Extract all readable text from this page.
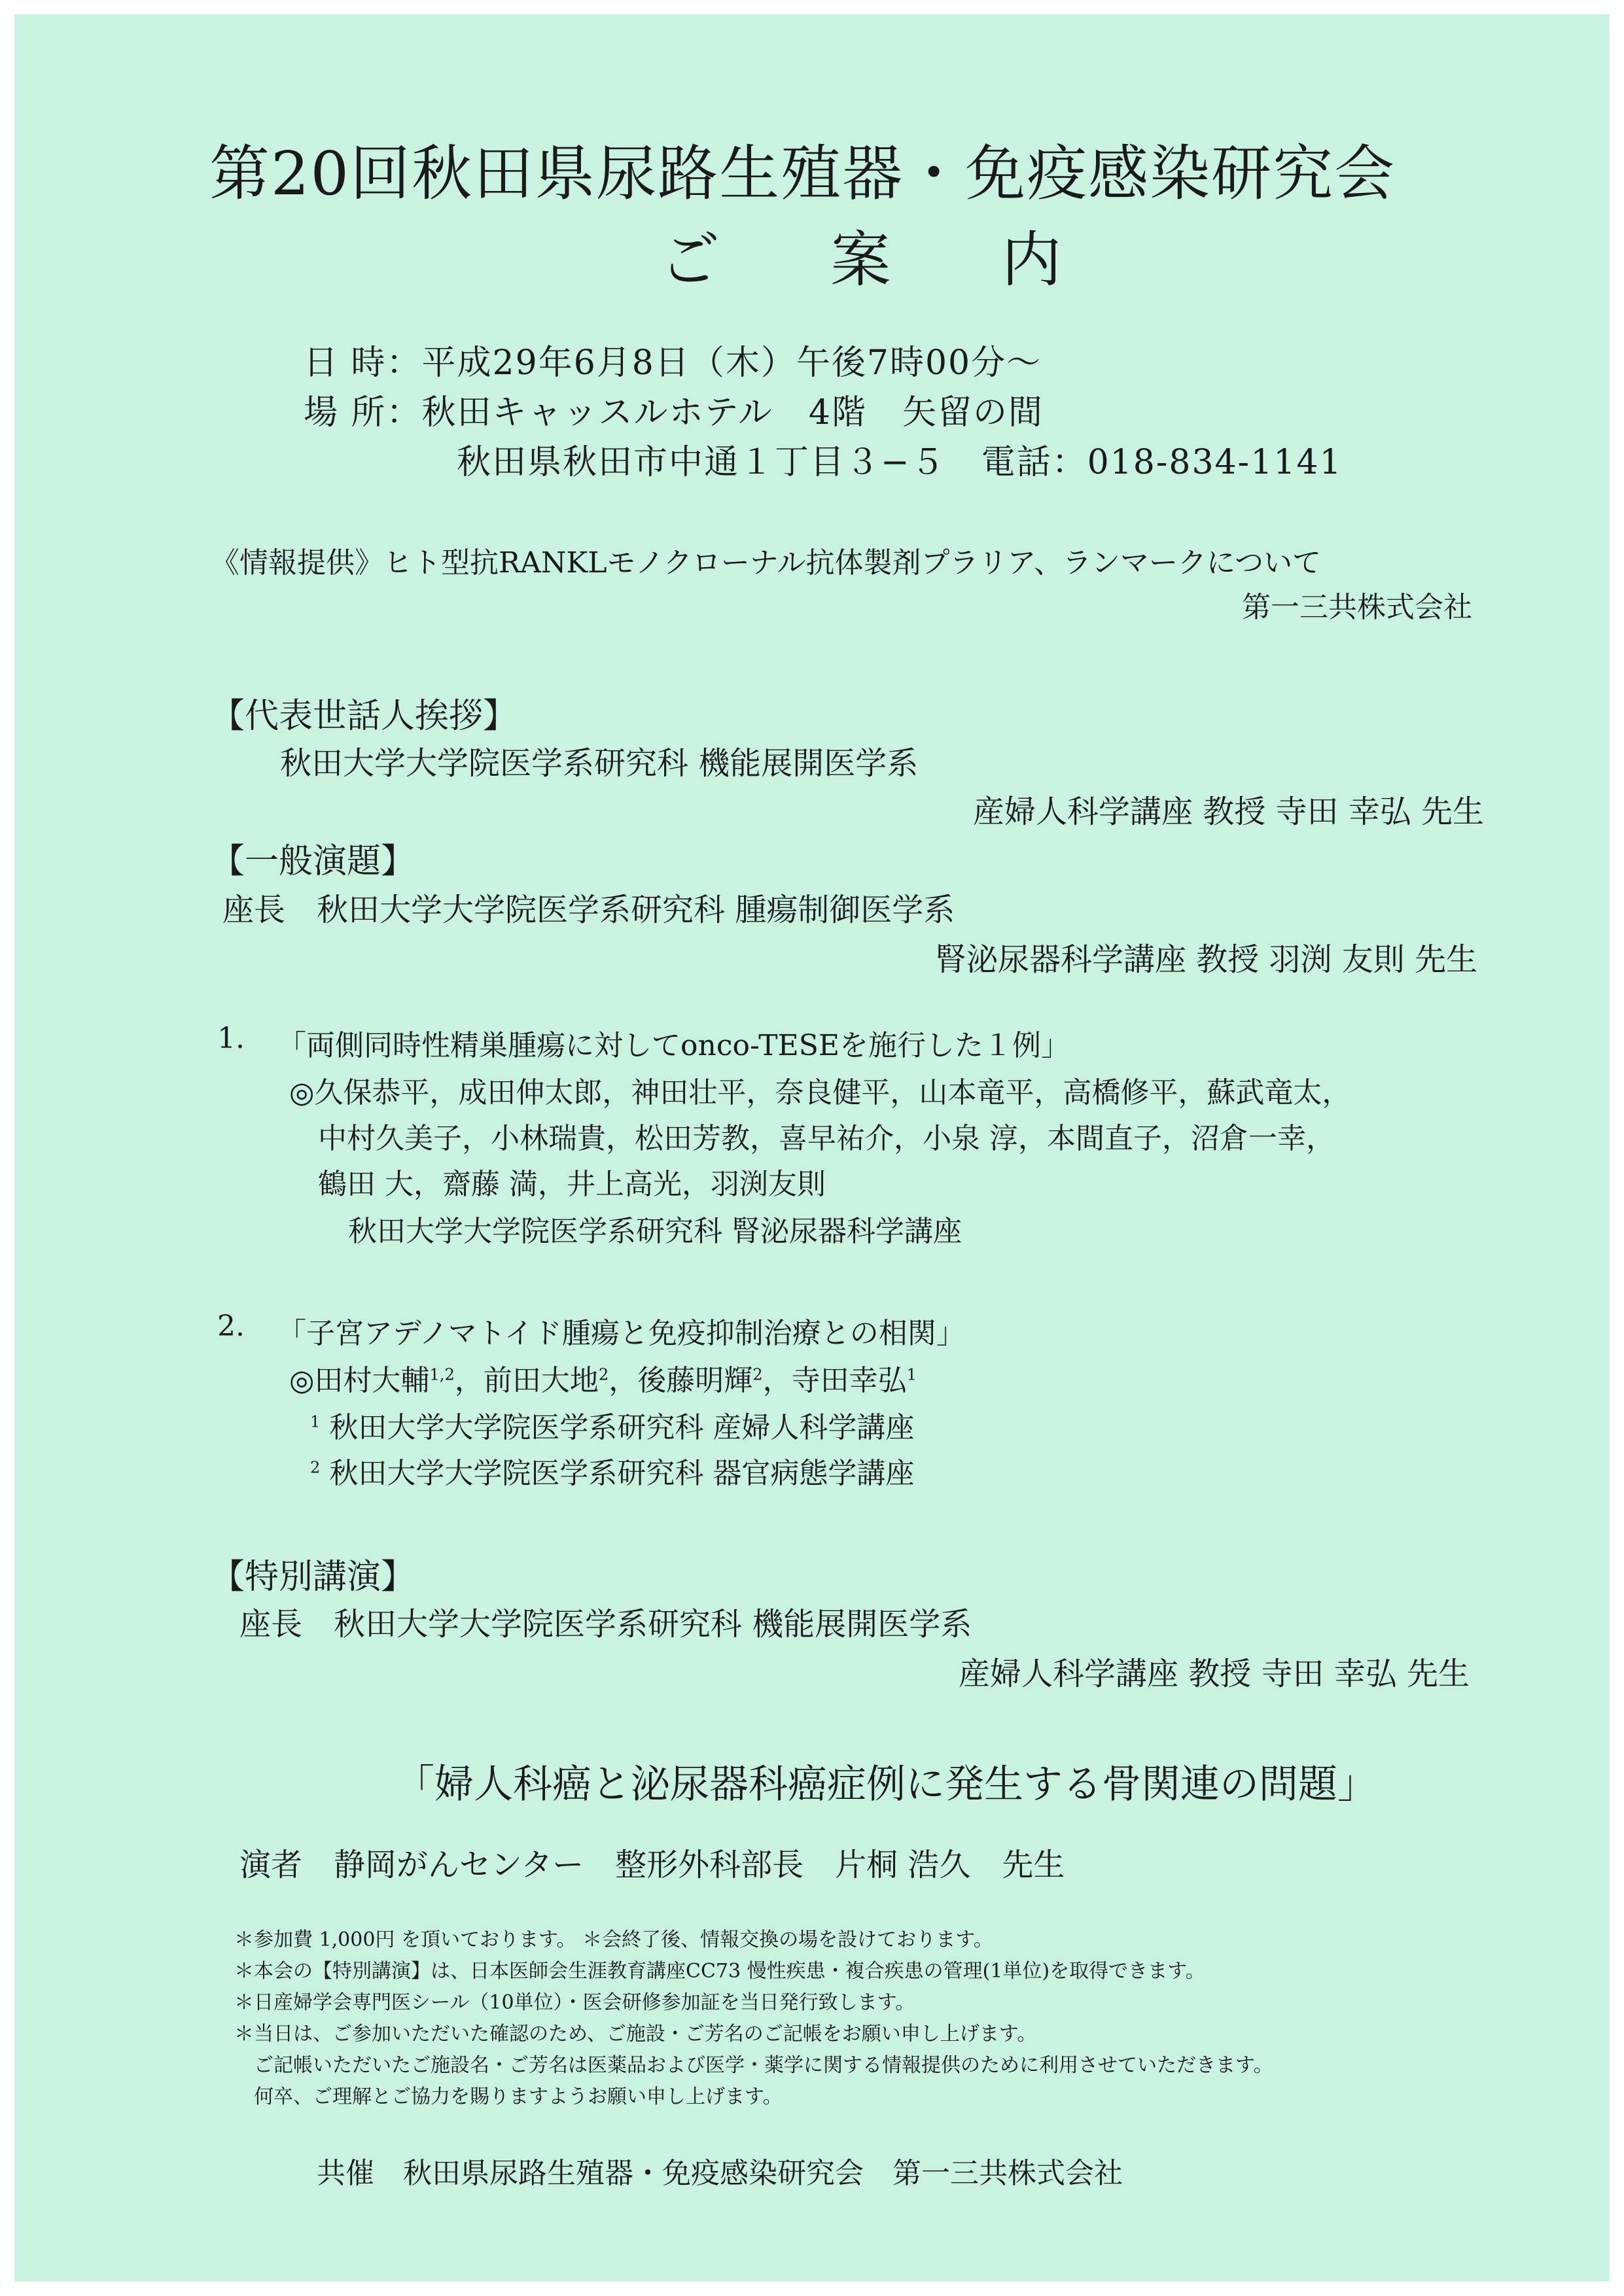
第20回秋田県尿路生殖器・免疫感染研究会
ご 案 内
日 時：平成29年6月8日（木）午後7時00分～
場 所：秋田キャッスルホテル　4階　矢留の間
秋田県秋田市中通１丁目３−５　電話：018-834-1141
《情報提供》ヒト型抗RANKLモノクローナル抗体製剤プラリア、ランマークについて
第一三共株式会社
【代表世話人挨拶】
秋田大学大学院医学系研究科 機能展開医学系
産婦人科学講座 教授 寺田 幸弘 先生
【一般演題】
座長　秋田大学大学院医学系研究科 腫瘍制御医学系
腎泌尿器科学講座 教授 羽渕 友則 先生
1. 「両側同時性精巣腫瘍に対してonco-TESEを施行した１例」
◎久保恭平，成田伸太郎，神田壮平，奈良健平，山本竜平，高橋修平，蘇武竜太，
中村久美子，小林瑞貴，松田芳教，喜早祐介，小泉 淳，本間直子，沼倉一幸，
鶴田 大，齋藤 満，井上高光，羽渕友則
秋田大学大学院医学系研究科 腎泌尿器科学講座
2. 「子宮アデノマトイド腫瘍と免疫抑制治療との相関」
◎田村大輔$^{1,2}$，前田大地$^2$，後藤明輝$^2$，寺田幸弘$^1$
$^1$ 秋田大学大学院医学系研究科 産婦人科学講座
$^2$ 秋田大学大学院医学系研究科 器官病態学講座
【特別講演】
座長　秋田大学大学院医学系研究科 機能展開医学系
産婦人科学講座 教授 寺田 幸弘 先生
「婦人科癌と泌尿器科癌症例に発生する骨関連の問題」
演者　静岡がんセンター　整形外科部長　片桐 浩久　先生
＊参加費 1,000円 を頂いております。 ＊会終了後、情報交換の場を設けております。
＊本会の【特別講演】は、日本医師会生涯教育講座CC73 慢性疾患・複合疾患の管理(1単位)を取得できます。
＊日産婦学会専門医シール（10単位）・医会研修参加証を当日発行致します。
＊当日は、ご参加いただいた確認のため、ご施設・ご芳名のご記帳をお願い申し上げます。
ご記帳いただいたご施設名・ご芳名は医薬品および医学・薬学に関する情報提供のために利用させていただきます。
何卒、ご理解とご協力を賜りますようお願い申し上げます。
共催　秋田県尿路生殖器・免疫感染研究会　第一三共株式会社
